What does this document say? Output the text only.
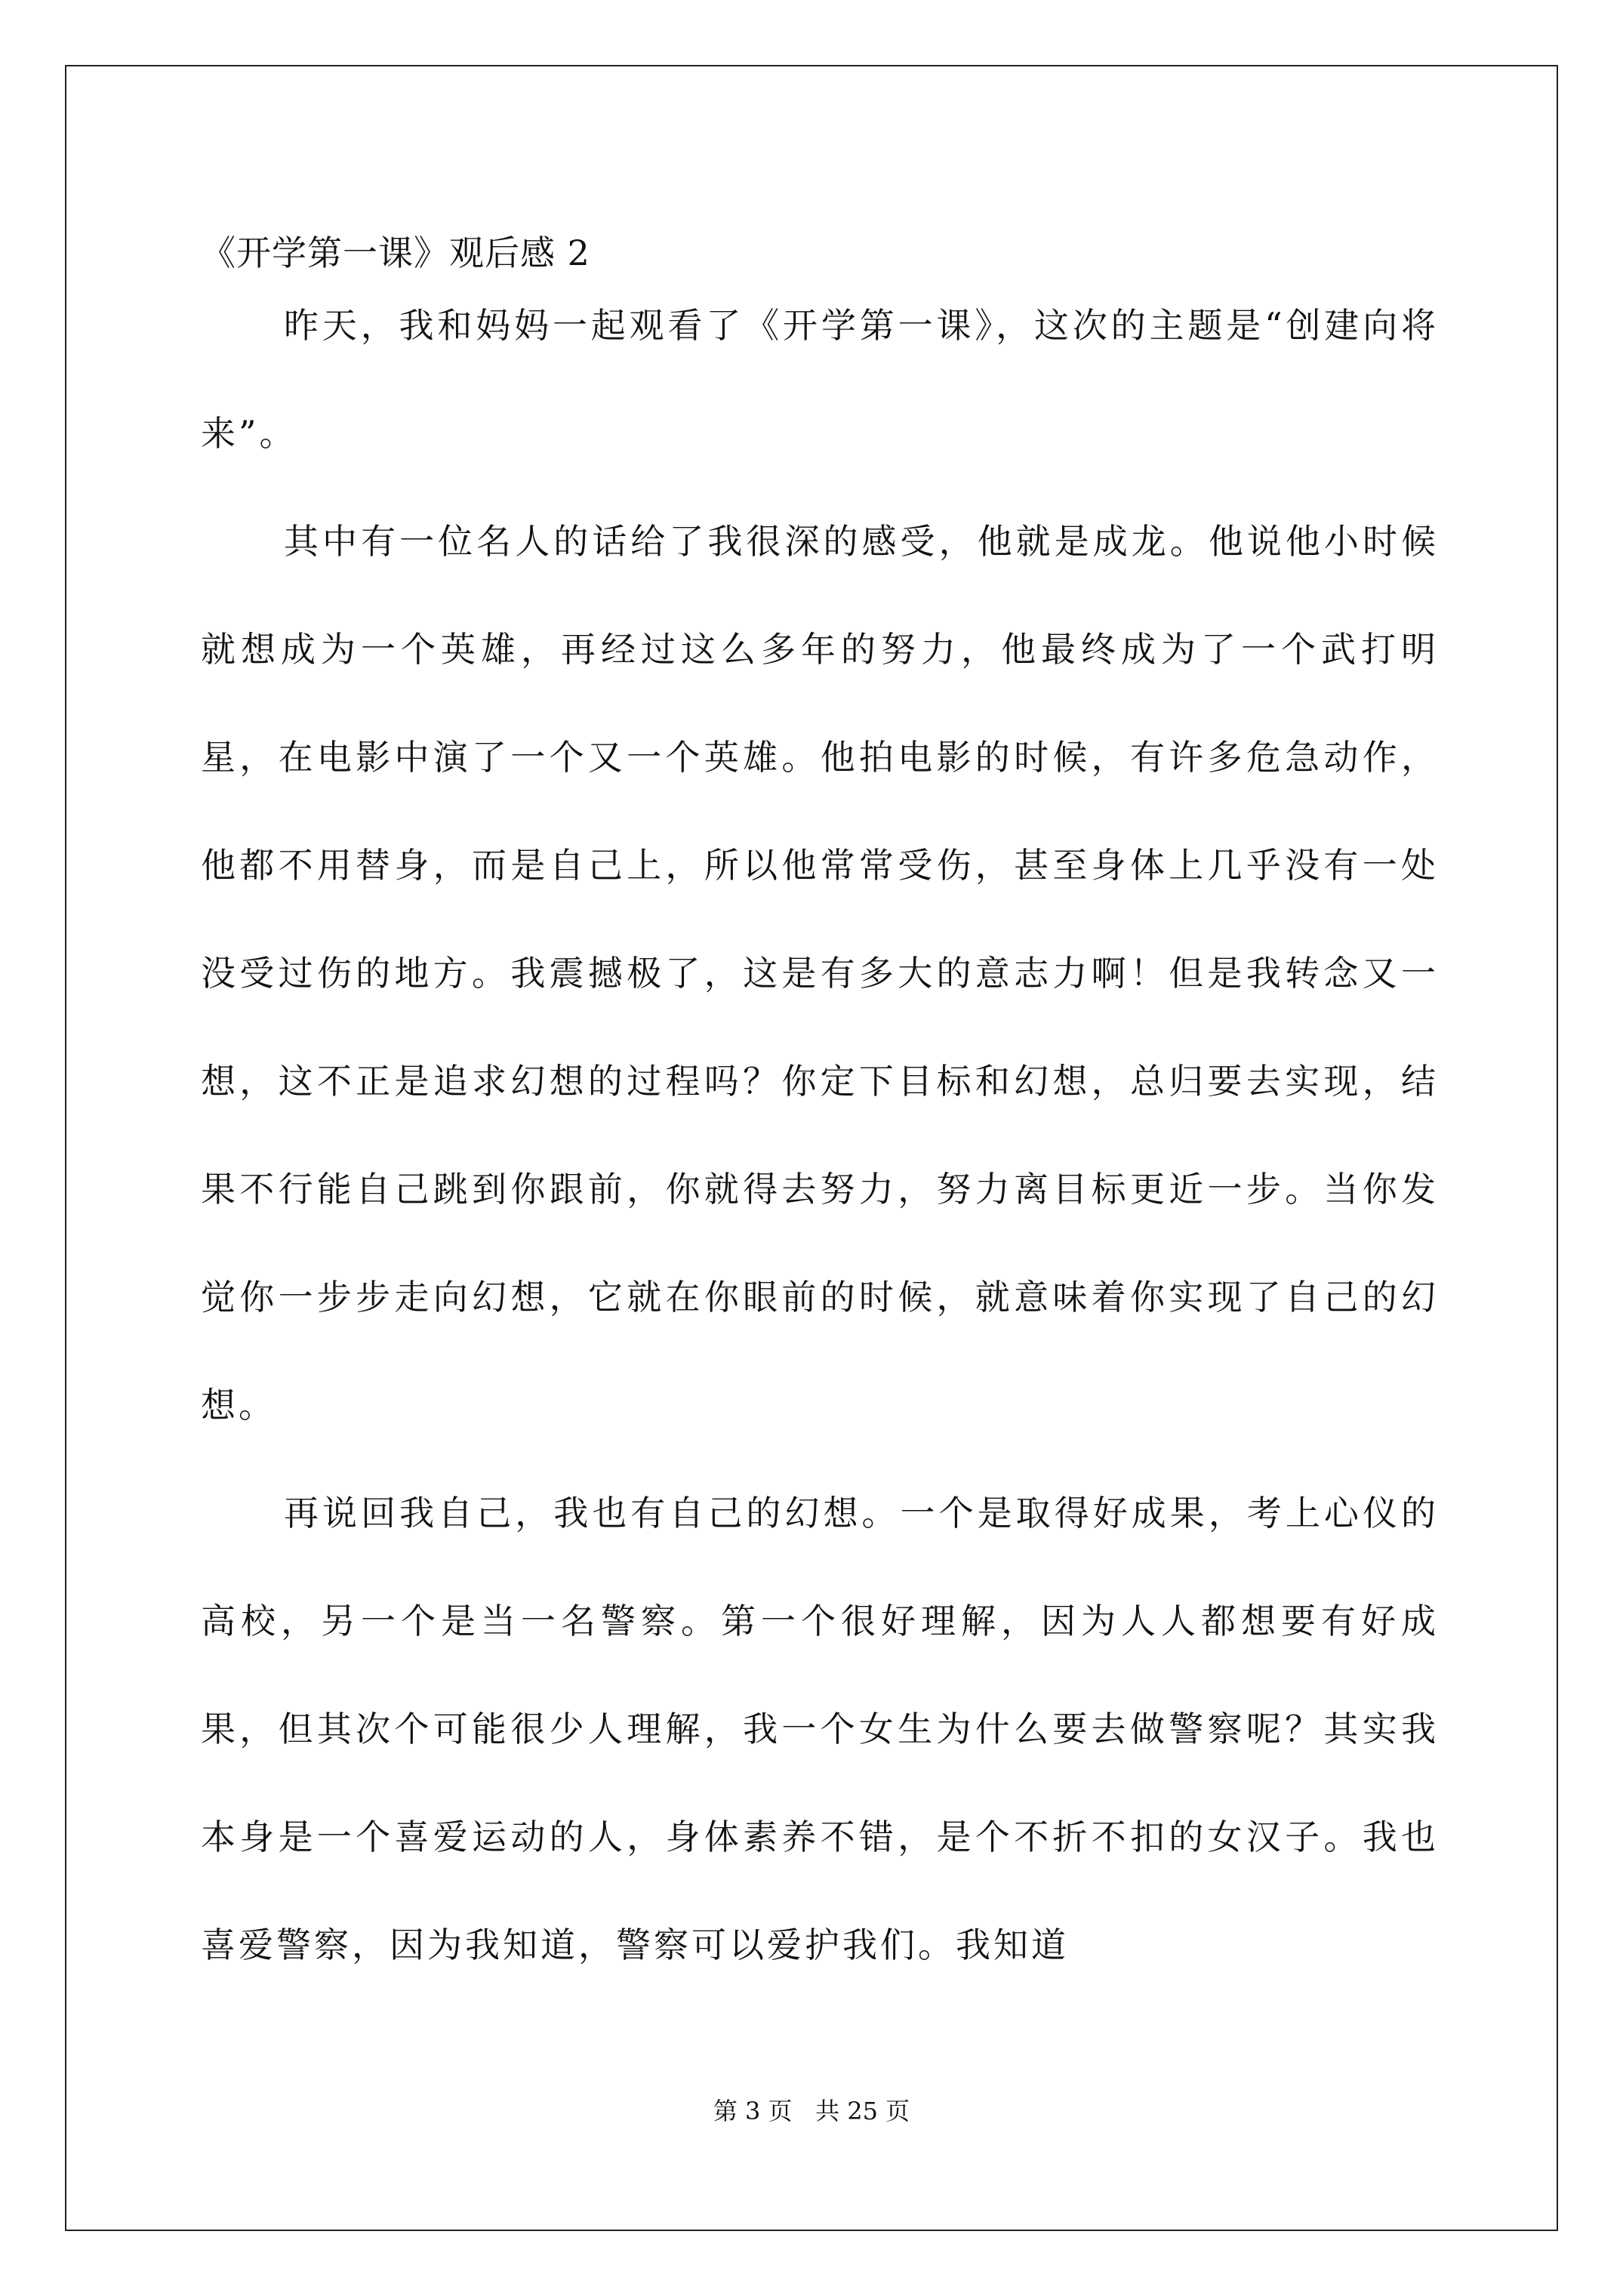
《开学第一课》观后感 2

昨天，我和妈妈一起观看了《开学第一课》，这次的主题是“创建向将来”。

其中有一位名人的话给了我很深的感受，他就是成龙。他说他小时候就想成为一个英雄，再经过这么多年的努力，他最终成为了一个武打明星，在电影中演了一个又一个英雄。他拍电影的时候，有许多危急动作，他都不用替身，而是自己上，所以他常常受伤，甚至身体上几乎没有一处没受过伤的地方。我震撼极了，这是有多大的意志力啊！但是我转念又一想，这不正是追求幻想的过程吗？你定下目标和幻想，总归要去实现，结果不行能自己跳到你跟前，你就得去努力，努力离目标更近一步。当你发觉你一步步走向幻想，它就在你眼前的时候，就意味着你实现了自己的幻想。

再说回我自己，我也有自己的幻想。一个是取得好成果，考上心仪的高校，另一个是当一名警察。第一个很好理解，因为人人都想要有好成果，但其次个可能很少人理解，我一个女生为什么要去做警察呢？其实我本身是一个喜爱运动的人，身体素养不错，是个不折不扣的女汉子。我也喜爱警察，因为我知道，警察可以爱护我们。我知道

第 3 页   共 25 页
